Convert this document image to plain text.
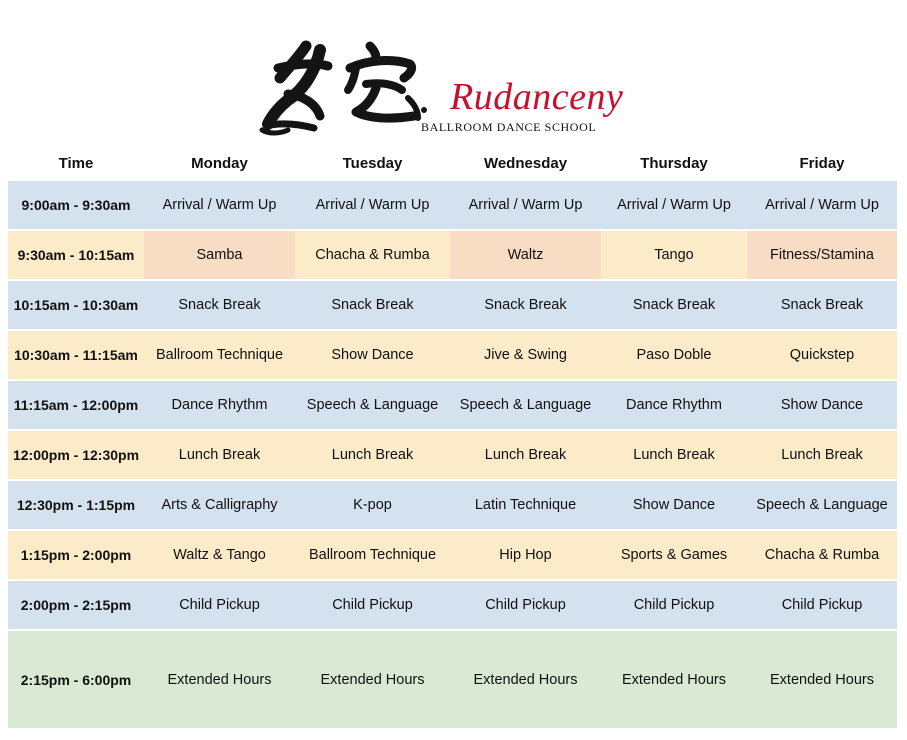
Rudanceny
BALLROOM DANCE SCHOOL
Time	Monday	Tuesday	Wednesday	Thursday	Friday
9:00am - 9:30am	Arrival / Warm Up	Arrival / Warm Up	Arrival / Warm Up	Arrival / Warm Up	Arrival / Warm Up
9:30am - 10:15am	Samba	Chacha & Rumba	Waltz	Tango	Fitness/Stamina
10:15am - 10:30am	Snack Break	Snack Break	Snack Break	Snack Break	Snack Break
10:30am - 11:15am	Ballroom Technique	Show Dance	Jive & Swing	Paso Doble	Quickstep
11:15am - 12:00pm	Dance Rhythm	Speech & Language	Speech & Language	Dance Rhythm	Show Dance
12:00pm - 12:30pm	Lunch Break	Lunch Break	Lunch Break	Lunch Break	Lunch Break
12:30pm - 1:15pm	Arts & Calligraphy	K-pop	Latin Technique	Show Dance	Speech & Language
1:15pm - 2:00pm	Waltz & Tango	Ballroom Technique	Hip Hop	Sports & Games	Chacha & Rumba
2:00pm - 2:15pm	Child Pickup	Child Pickup	Child Pickup	Child Pickup	Child Pickup
2:15pm - 6:00pm	Extended Hours	Extended Hours	Extended Hours	Extended Hours	Extended Hours
